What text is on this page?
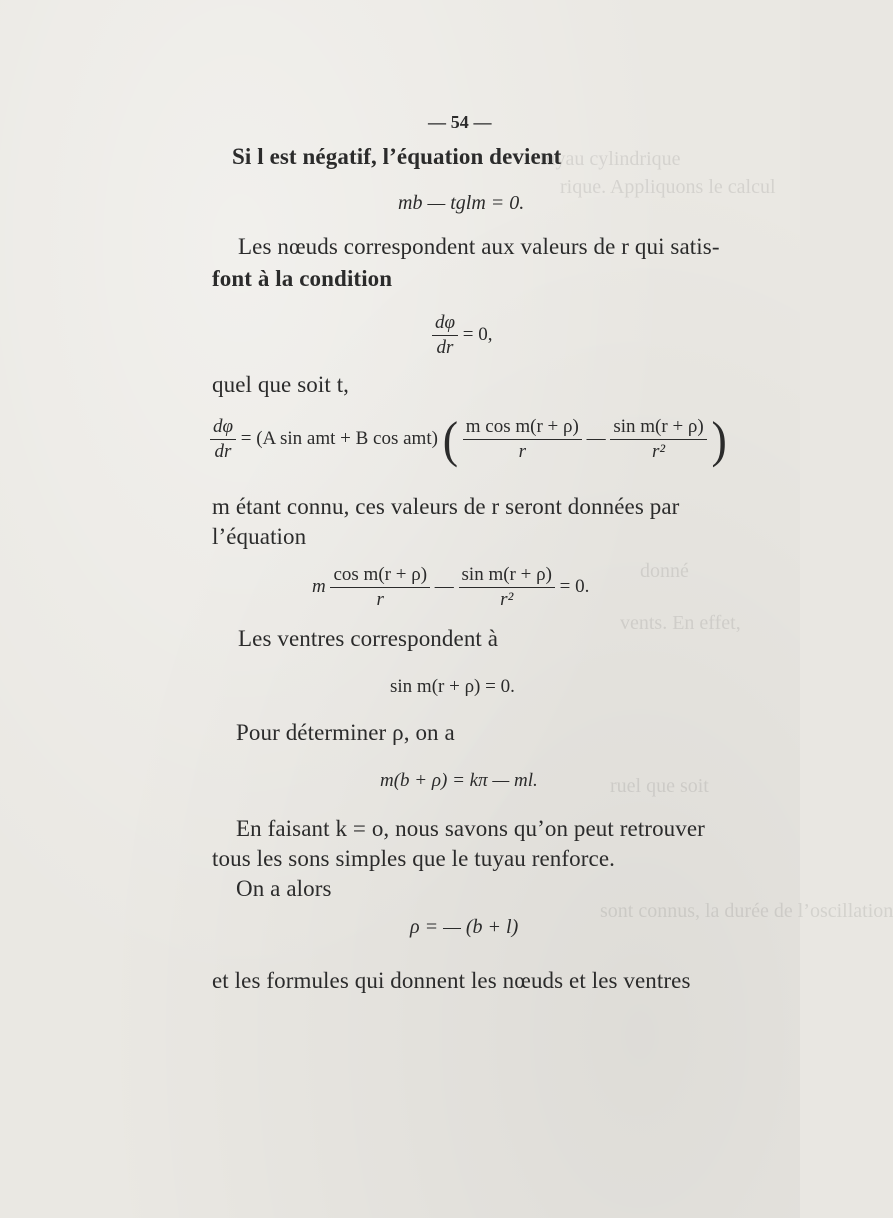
tuyau cylindrique
rique. Appliquons le calcul
donné
vents. En effet,
ruel que soit
sont connus, la durée de l’oscillation
— 54 —
Si l est négatif, l’équation devient
mb — tglm = 0.
Les nœuds correspondent aux valeurs de r qui satis-
font à la condition
$\frac{d\varphi}{dr} = 0$,
quel que soit t,
$\frac{d\varphi}{dr} = (A$ sin amt + B cos amt) ( $\frac{\text{m cos m(r + ρ)}}{r}$ — $\frac{\text{sin m(r + ρ)}}{\text{r²}}$ )
m étant connu, ces valeurs de r seront données par
l’équation
m $\frac{\text{cos m(r + ρ)}}{r}$ — $\frac{\text{sin m(r + ρ)}}{\text{r²}} = 0$.
Les ventres correspondent à
sin m(r + ρ) = 0.
Pour déterminer ρ, on a
m(b + ρ) = kπ — ml.
En faisant k = o, nous savons qu’on peut retrouver
tous les sons simples que le tuyau renforce.
On a alors
ρ = — (b + l)
et les formules qui donnent les nœuds et les ventres
